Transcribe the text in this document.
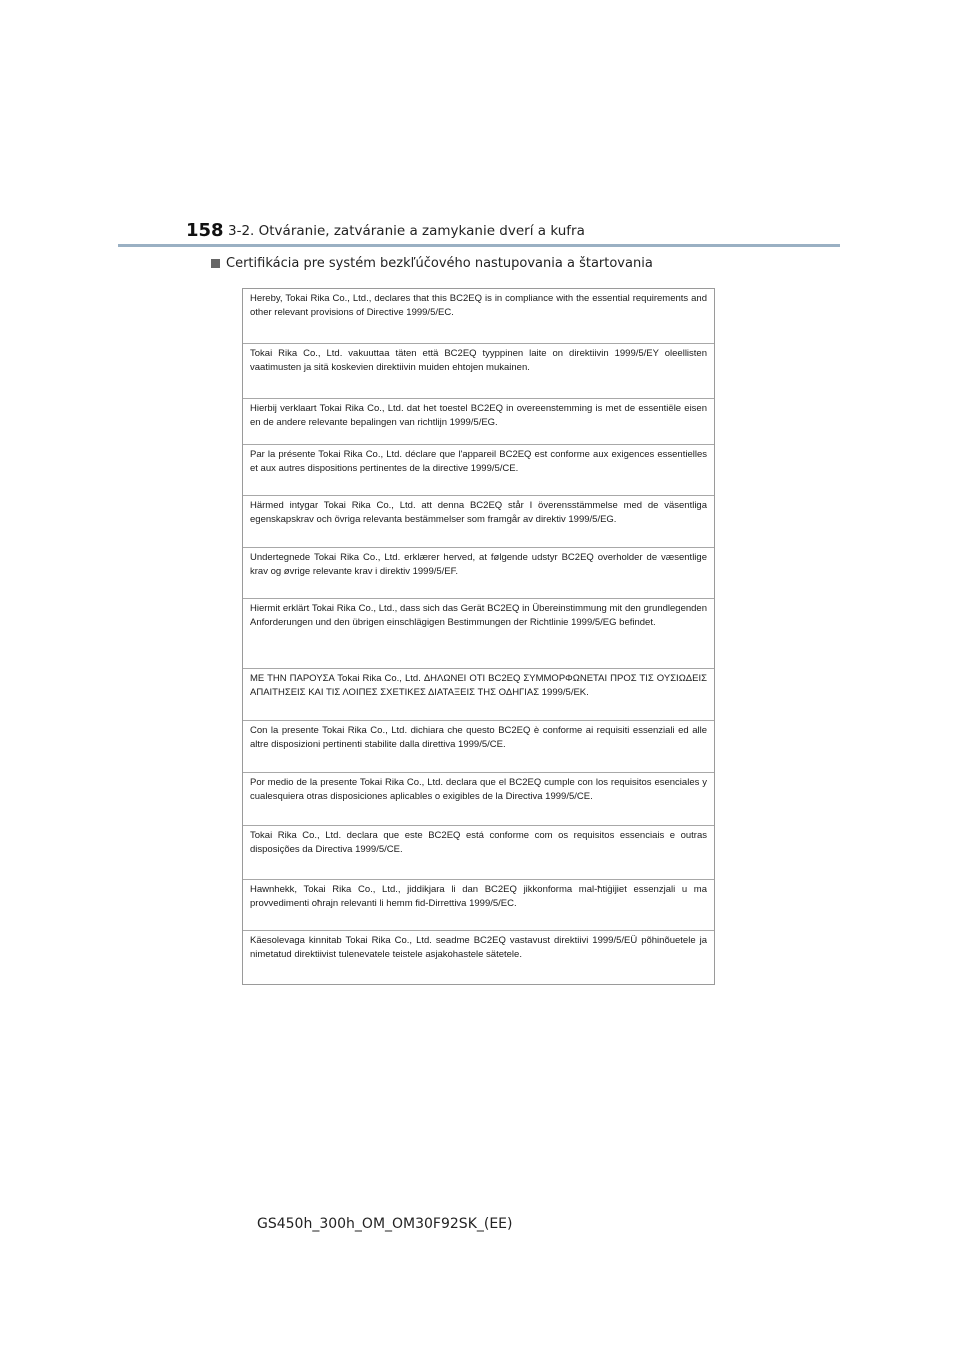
158 3-2. Otváranie, zatváranie a zamykanie dverí a kufra
Certifikácia pre systém bezkľúčového nastupovania a štartovania
Hereby, Tokai Rika Co., Ltd., declares that this BC2EQ is in compliance with the essential requirements and other relevant provisions of Directive 1999/5/EC.
Tokai Rika Co., Ltd. vakuuttaa täten että BC2EQ tyyppinen laite on direktiivin 1999/5/EY oleellisten vaatimusten ja sitä koskevien direktiivin muiden ehtojen mukainen.
Hierbij verklaart Tokai Rika Co., Ltd. dat het toestel BC2EQ in overeenstemming is met de essentiële eisen en de andere relevante bepalingen van richtlijn 1999/5/EG.
Par la présente Tokai Rika Co., Ltd. déclare que l'appareil BC2EQ est conforme aux exigences essentielles et aux autres dispositions pertinentes de la directive 1999/5/CE.
Härmed intygar Tokai Rika Co., Ltd. att denna BC2EQ står I överensstämmelse med de väsentliga egenskapskrav och övriga relevanta bestämmelser som framgår av direktiv 1999/5/EG.
Undertegnede Tokai Rika Co., Ltd. erklærer herved, at følgende udstyr BC2EQ overholder de væsentlige krav og øvrige relevante krav i direktiv 1999/5/EF.
Hiermit erklärt Tokai Rika Co., Ltd., dass sich das Gerät BC2EQ in Übereinstimmung mit den grundlegenden Anforderungen und den übrigen einschlägigen Bestimmungen der Richtlinie 1999/5/EG befindet.
ΜΕ ΤΗΝ ΠΑΡΟΥΣΑ Tokai Rika Co., Ltd. ΔΗΛΩΝΕΙ ΟΤΙ BC2EQ ΣΥΜΜΟΡΦΩΝΕΤΑΙ ΠΡΟΣ ΤΙΣ ΟΥΣΙΩΔΕΙΣ ΑΠΑΙΤΗΣΕΙΣ ΚΑΙ ΤΙΣ ΛΟΙΠΕΣ ΣΧΕΤΙΚΕΣ ΔΙΑΤΑΞΕΙΣ ΤΗΣ ΟΔΗΓΙΑΣ 1999/5/ΕΚ.
Con la presente Tokai Rika Co., Ltd. dichiara che questo BC2EQ è conforme ai requisiti essenziali ed alle altre disposizioni pertinenti stabilite dalla direttiva 1999/5/CE.
Por medio de la presente Tokai Rika Co., Ltd. declara que el BC2EQ cumple con los requisitos esenciales y cualesquiera otras disposiciones aplicables o exigibles de la Directiva 1999/5/CE.
Tokai Rika Co., Ltd. declara que este BC2EQ está conforme com os requisitos essenciais e outras disposições da Directiva 1999/5/CE.
Hawnhekk, Tokai Rika Co., Ltd., jiddikjara li dan BC2EQ jikkonforma mal-ħtiġijiet essenzjali u ma provvedimenti oħrajn relevanti li hemm fid-Dirrettiva 1999/5/EC.
Käesolevaga kinnitab Tokai Rika Co., Ltd. seadme BC2EQ vastavust direktiivi 1999/5/EÜ põhinõuetele ja nimetatud direktiivist tulenevatele teistele asjakohastele sätetele.
GS450h_300h_OM_OM30F92SK_(EE)
